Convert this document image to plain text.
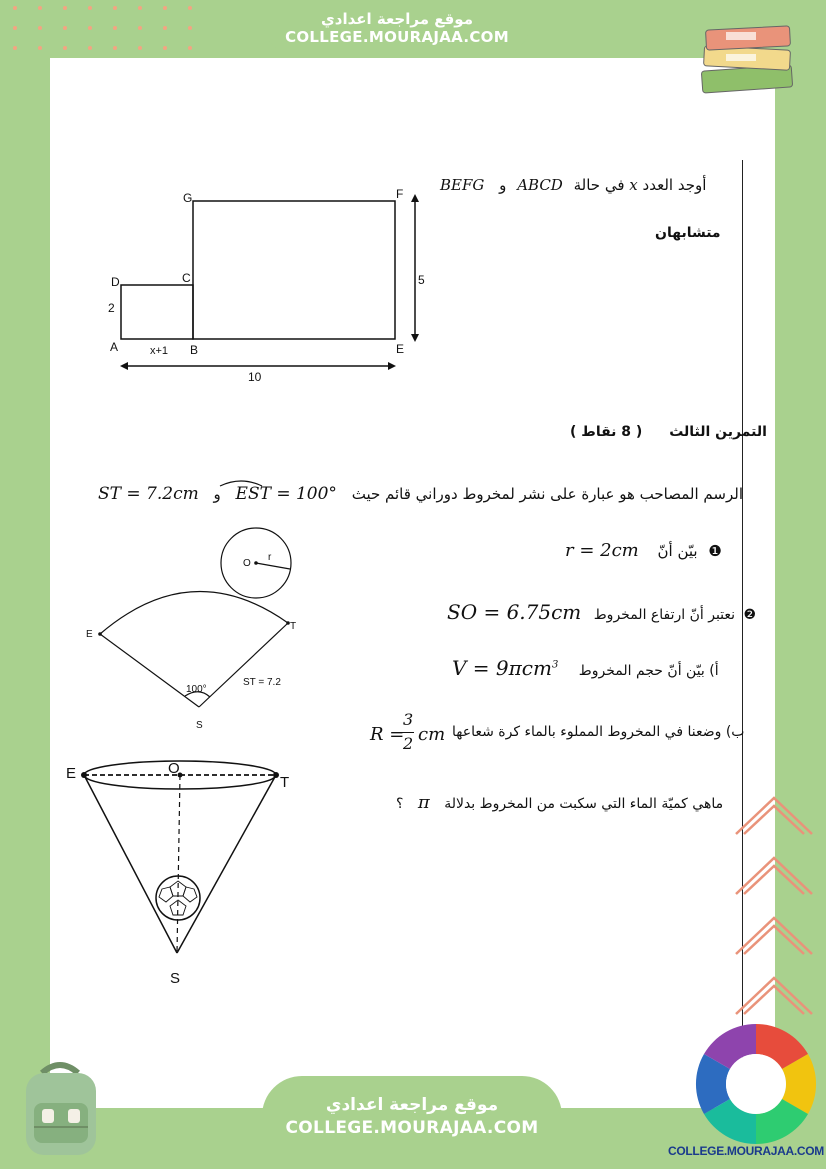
موقع مراجعة اعدادي
COLLEGE.MOURAJAA.COM
أوجد العدد x في حالة ABCD و BEFG
متشابهان
A	B
C
D
E
F
G
2
5
x+1
10
التمرين الثالث ( 8 نقاط )
الرسم المصاحب هو عبارة على نشر لمخروط دوراني قائم حيث EST = 100° و ST = 7.2cm
❶ بيّن أنّ r = 2cm
❷ نعتبر أنّ ارتفاع المخروط SO = 6.75cm
أ) بيّن أنّ حجم المخروط V = 9πcm$^3$
ب) وضعنا في المخروط المملوء بالماء كرة شعاعها
R =
3
2 cm
ماهي كميّة الماء التي سكبت من المخروط بدلالة π ؟
O
r
E
T
S
100°
ST = 7.2
E	O
T
S
موقع مراجعة اعدادي
COLLEGE.MOURAJAA.COM
COLLEGE.MOURAJAA.COM
